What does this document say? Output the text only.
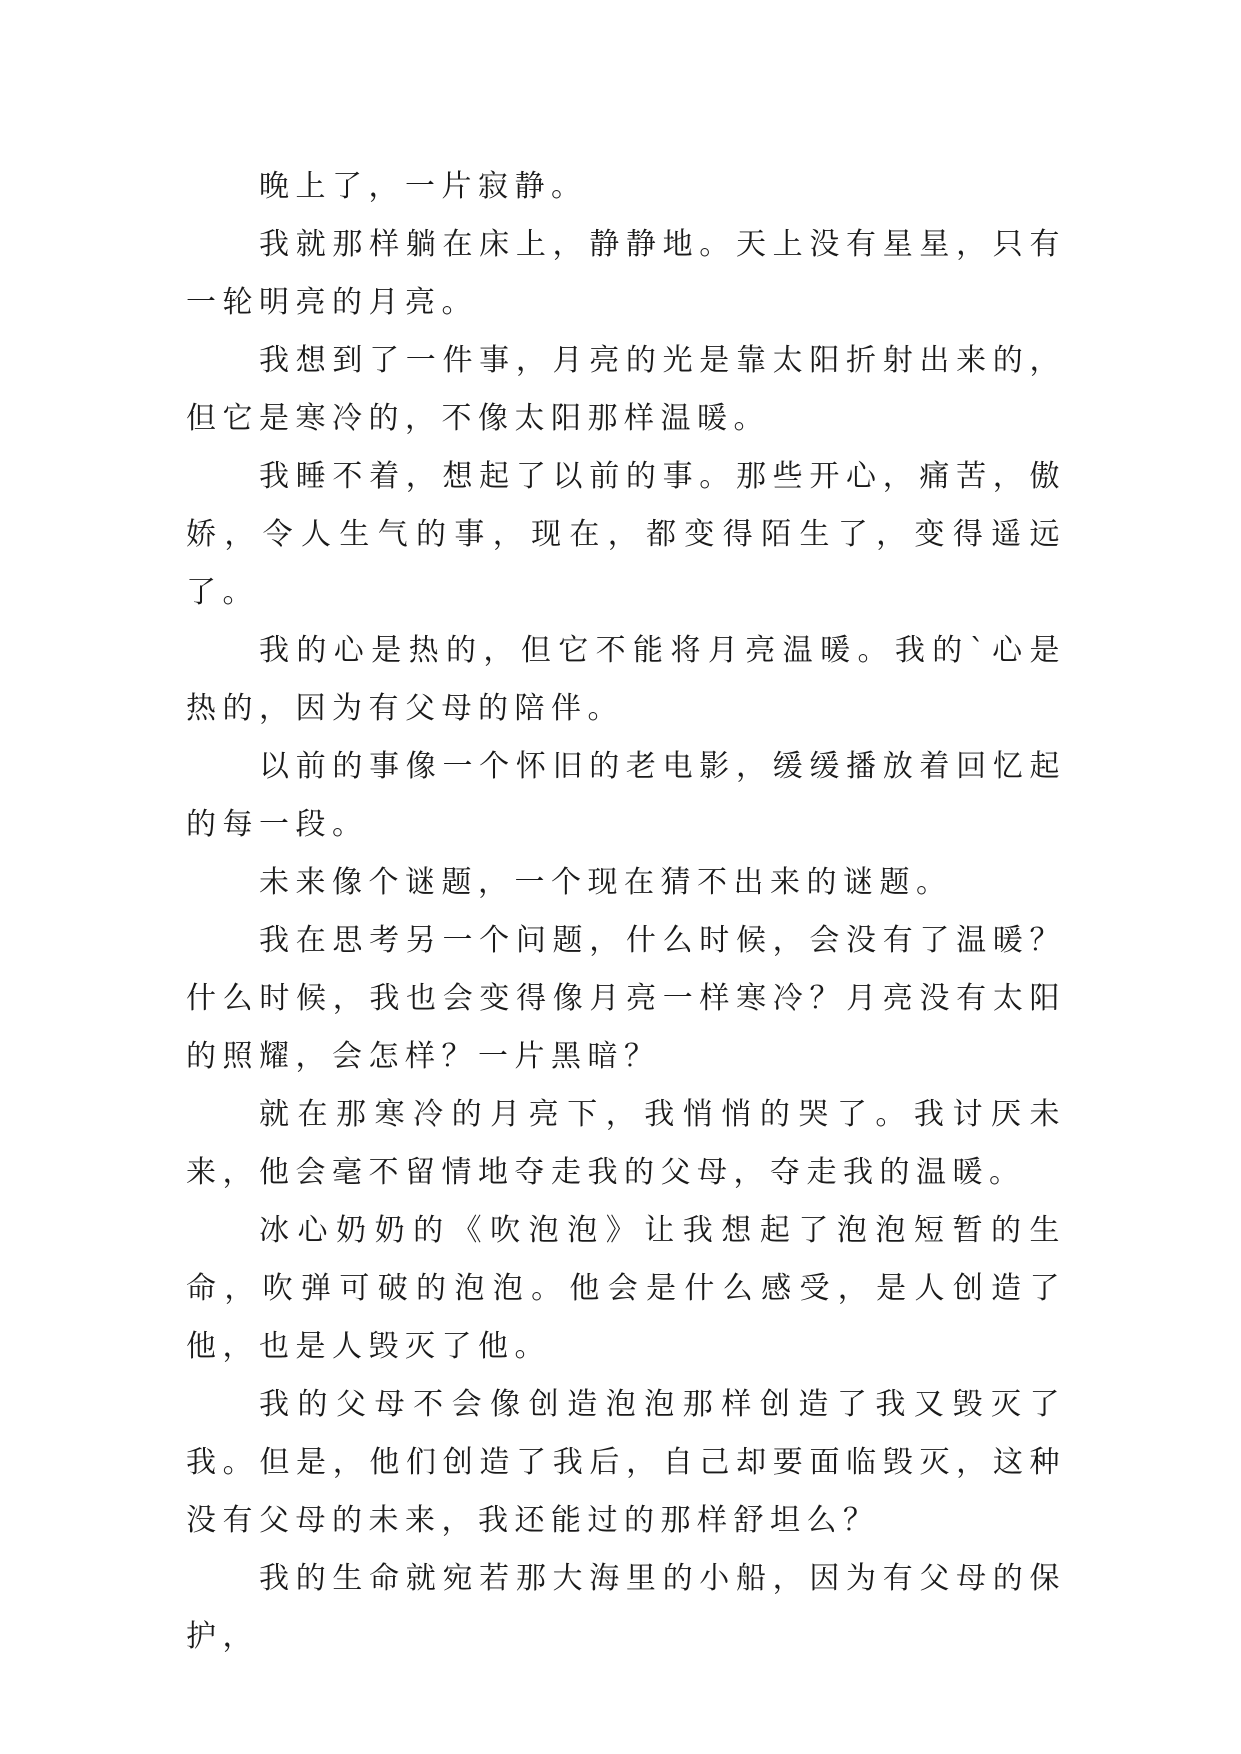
晚上了，一片寂静。

我就那样躺在床上，静静地。天上没有星星，只有一轮明亮的月亮。

我想到了一件事，月亮的光是靠太阳折射出来的，但它是寒冷的，不像太阳那样温暖。

我睡不着，想起了以前的事。那些开心，痛苦，傲娇，令人生气的事，现在，都变得陌生了，变得遥远了。

我的心是热的，但它不能将月亮温暖。我的`心是热的，因为有父母的陪伴。

以前的事像一个怀旧的老电影，缓缓播放着回忆起的每一段。

未来像个谜题，一个现在猜不出来的谜题。

我在思考另一个问题，什么时候，会没有了温暖？什么时候，我也会变得像月亮一样寒冷？月亮没有太阳的照耀，会怎样？一片黑暗？

就在那寒冷的月亮下，我悄悄的哭了。我讨厌未来，他会毫不留情地夺走我的父母，夺走我的温暖。

冰心奶奶的《吹泡泡》让我想起了泡泡短暂的生命，吹弹可破的泡泡。他会是什么感受，是人创造了他，也是人毁灭了他。

我的父母不会像创造泡泡那样创造了我又毁灭了我。但是，他们创造了我后，自己却要面临毁灭，这种没有父母的未来，我还能过的那样舒坦么？

我的生命就宛若那大海里的小船，因为有父母的保护，
